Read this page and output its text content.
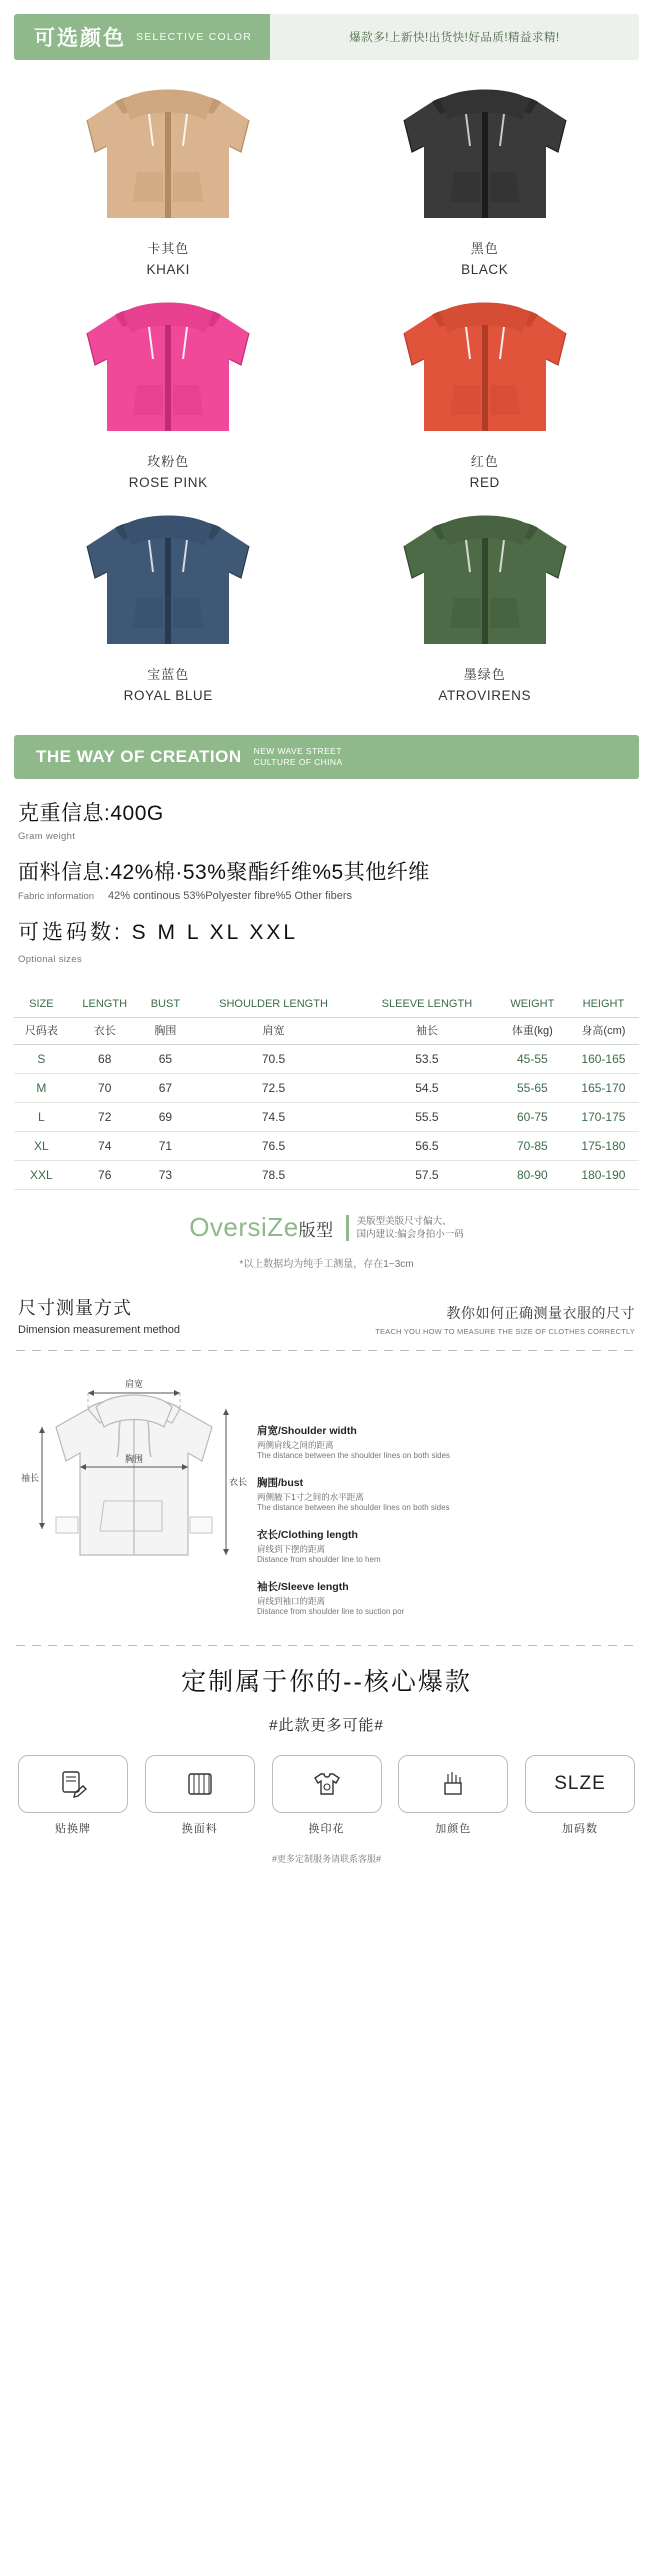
可选颜色 SELECTIVE COLOR	爆款多!上新快!出货快!好品质!精益求精!
卡其色
KHAKI
黑色
BLACK
玫粉色
ROSE PINK
红色
RED
宝蓝色
ROYAL BLUE
墨绿色
ATROVIRENS
THE WAY OF CREATION NEW WAVE STREET
CULTURE OF CHINA
克重信息:400G
Gram weight
面料信息:42%棉·53%聚酯纤维%5其他纤维
Fabric information 42% continous 53%Polyester fibre%5 Other fibers
可选码数: S M L XL XXL
Optional sizes
SIZE	LENGTH	BUST	SHOULDER LENGTH	SLEEVE LENGTH	WEIGHT	HEIGHT
尺码表	衣长	胸围	肩宽	袖长	体重(kg)	身高(cm)
S	68	65	70.5	53.5	45-55	160-165
M	70	67	72.5	54.5	55-65	165-170
L	72	69	74.5	55.5	60-75	170-175
XL	74	71	76.5	56.5	70-85	175-180
XXL	76	73	78.5	57.5	80-90	180-190
OversiZe版型 美版型美版尺寸偏大、
国内建议:偏会身拍小一码
*以上数据均为纯手工测量，存在1~3cm
尺寸测量方式
Dimension measurement method
教你如何正确测量衣服的尺寸
TEACH YOU HOW TO MEASURE THE SIZE OF CLOTHES CORRECTLY
肩宽
胸围
袖长	衣长
肩宽/Shoulder width
两侧肩线之间的距离
The distance between the shoulder lines on both sides
胸围/bust
两侧腋下1寸之间的水平距离
The distance between ihe shoulder lines on both sides
衣长/Clothing length
肩线到下摆的距离
Distance from shoulder line to hem
袖长/Sleeve length
肩线到袖口的距离
Distance from shoulder line to suction por
定制属于你的--核心爆款
#此款更多可能#
贴换牌	换面料	换印花	加颜色
SLZE
加码数
#更多定制服务请联系客服#
